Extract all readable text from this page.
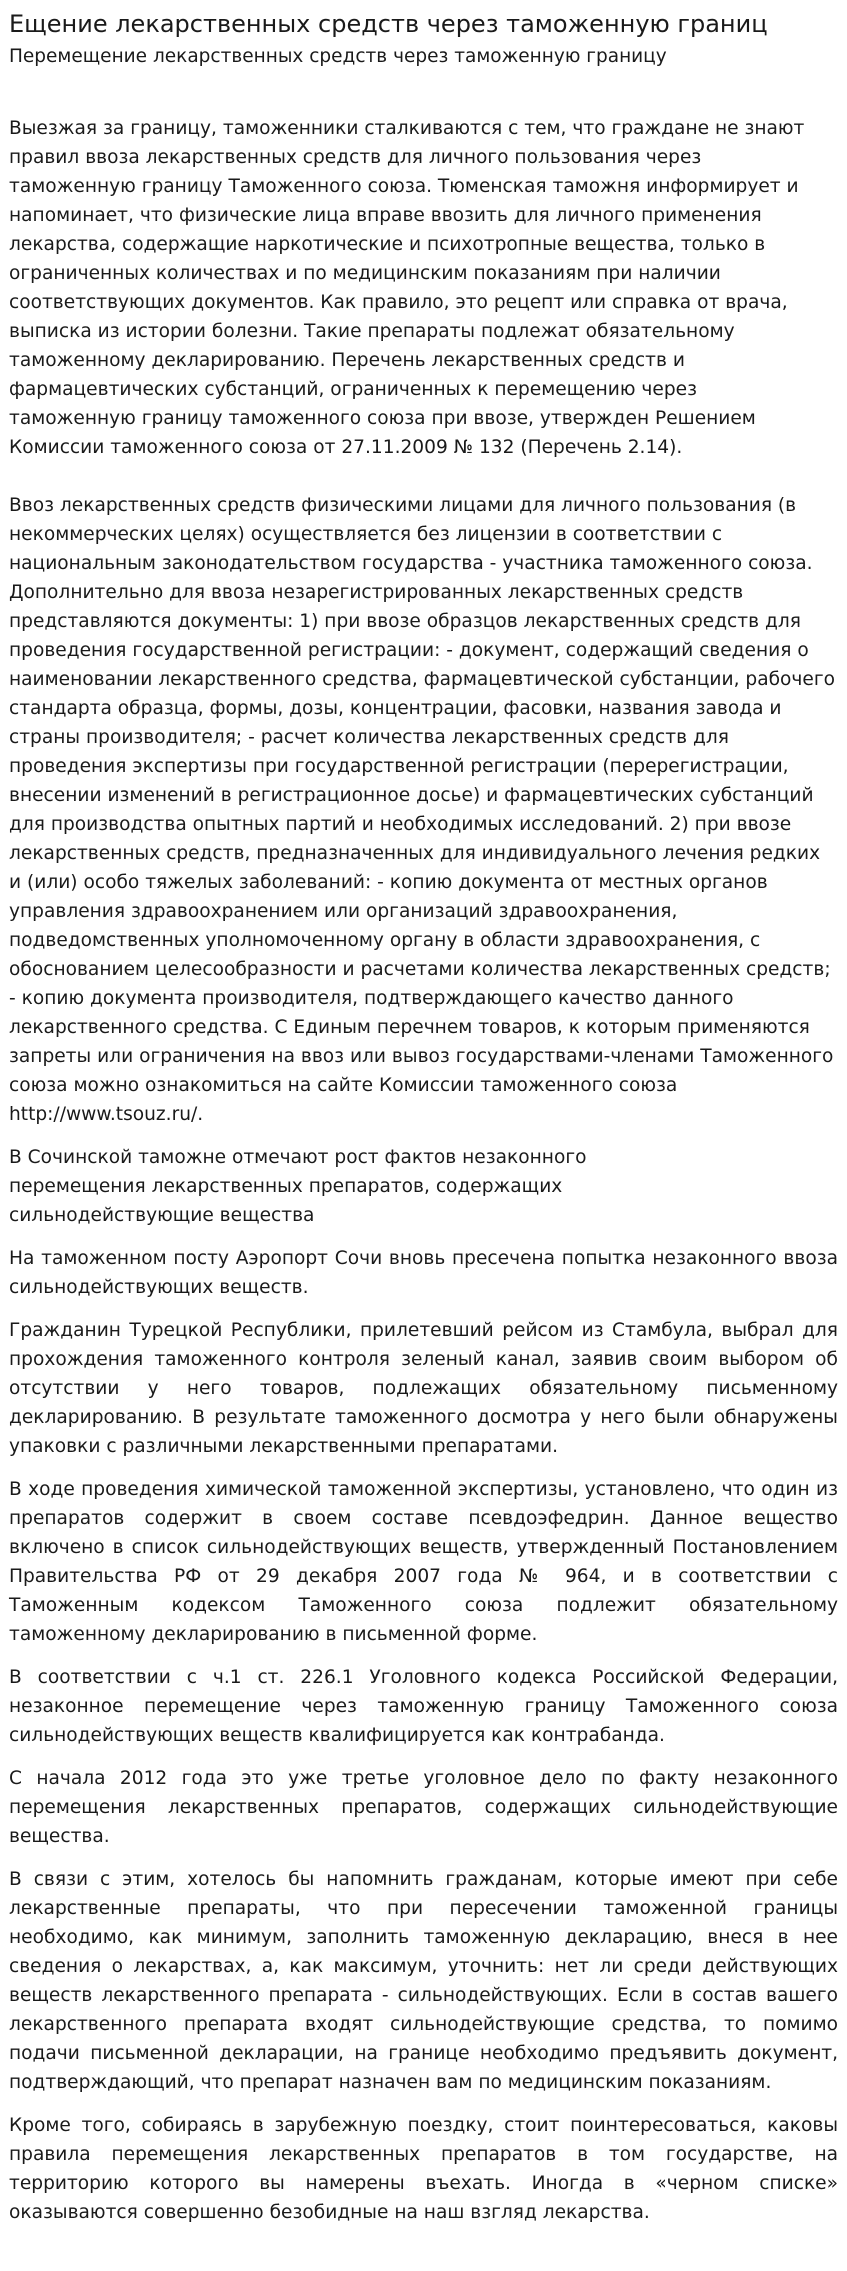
Ещение лекарственных средств через таможенную границ
Перемещение лекарственных средств через таможенную границу

Выезжая за границу, таможенники сталкиваются с тем, что граждане не знают правил ввоза лекарственных средств для личного пользования через таможенную границу Таможенного союза. Тюменская таможня информирует и напоминает, что физические лица вправе ввозить для личного применения лекарства, содержащие наркотические и психотропные вещества, только в ограниченных количествах и по медицинским показаниям при наличии соответствующих документов. Как правило, это рецепт или справка от врача, выписка из истории болезни. Такие препараты подлежат обязательному таможенному декларированию. Перечень лекарственных средств и фармацевтических субстанций, ограниченных к перемещению через таможенную границу таможенного союза при ввозе, утвержден Решением Комиссии таможенного союза от 27.11.2009 № 132 (Перечень 2.14).

Ввоз лекарственных средств физическими лицами для личного пользования (в некоммерческих целях) осуществляется без лицензии в соответствии с национальным законодательством государства - участника таможенного союза. Дополнительно для ввоза незарегистрированных лекарственных средств представляются документы: 1) при ввозе образцов лекарственных средств для проведения государственной регистрации: - документ, содержащий сведения о наименовании лекарственного средства, фармацевтической субстанции, рабочего стандарта образца, формы, дозы, концентрации, фасовки, названия завода и страны производителя; - расчет количества лекарственных средств для проведения экспертизы при государственной регистрации (перерегистрации, внесении изменений в регистрационное досье) и фармацевтических субстанций для производства опытных партий и необходимых исследований. 2) при ввозе лекарственных средств, предназначенных для индивидуального лечения редких и (или) особо тяжелых заболеваний: - копию документа от местных органов управления здравоохранением или организаций здравоохранения, подведомственных уполномоченному органу в области здравоохранения, с обоснованием целесообразности и расчетами количества лекарственных средств; - копию документа производителя, подтверждающего качество данного лекарственного средства. С Единым перечнем товаров, к которым применяются запреты или ограничения на ввоз или вывоз государствами-членами Таможенного союза можно ознакомиться на сайте Комиссии таможенного союза http://www.tsouz.ru/.

В Сочинской таможне отмечают рост фактов незаконного перемещения лекарственных препаратов, содержащих сильнодействующие вещества

На таможенном посту Аэропорт Сочи вновь пресечена попытка незаконного ввоза сильнодействующих веществ.

Гражданин Турецкой Республики, прилетевший рейсом из Стамбула, выбрал для прохождения таможенного контроля зеленый канал, заявив своим выбором об отсутствии у него товаров, подлежащих обязательному письменному декларированию. В результате таможенного досмотра у него были обнаружены упаковки с различными лекарственными препаратами.

В ходе проведения химической таможенной экспертизы, установлено, что один из препаратов содержит в своем составе псевдоэфедрин. Данное вещество включено в список сильнодействующих веществ, утвержденный Постановлением Правительства РФ от 29 декабря 2007 года № 964, и в соответствии с Таможенным кодексом Таможенного союза подлежит обязательному таможенному декларированию в письменной форме.

В соответствии с ч.1 ст. 226.1 Уголовного кодекса Российской Федерации, незаконное перемещение через таможенную границу Таможенного союза сильнодействующих веществ квалифицируется как контрабанда.

С начала 2012 года это уже третье уголовное дело по факту незаконного перемещения лекарственных препаратов, содержащих сильнодействующие вещества.

В связи с этим, хотелось бы напомнить гражданам, которые имеют при себе лекарственные препараты, что при пересечении таможенной границы необходимо, как минимум, заполнить таможенную декларацию, внеся в нее сведения о лекарствах, а, как максимум, уточнить: нет ли среди действующих веществ лекарственного препарата - сильнодействующих. Если в состав вашего лекарственного препарата входят сильнодействующие средства, то помимо подачи письменной декларации, на границе необходимо предъявить документ, подтверждающий, что препарат назначен вам по медицинским показаниям.

Кроме того, собираясь в зарубежную поездку, стоит поинтересоваться, каковы правила перемещения лекарственных препаратов в том государстве, на территорию которого вы намерены въехать. Иногда в «черном списке» оказываются совершенно безобидные на наш взгляд лекарства.
